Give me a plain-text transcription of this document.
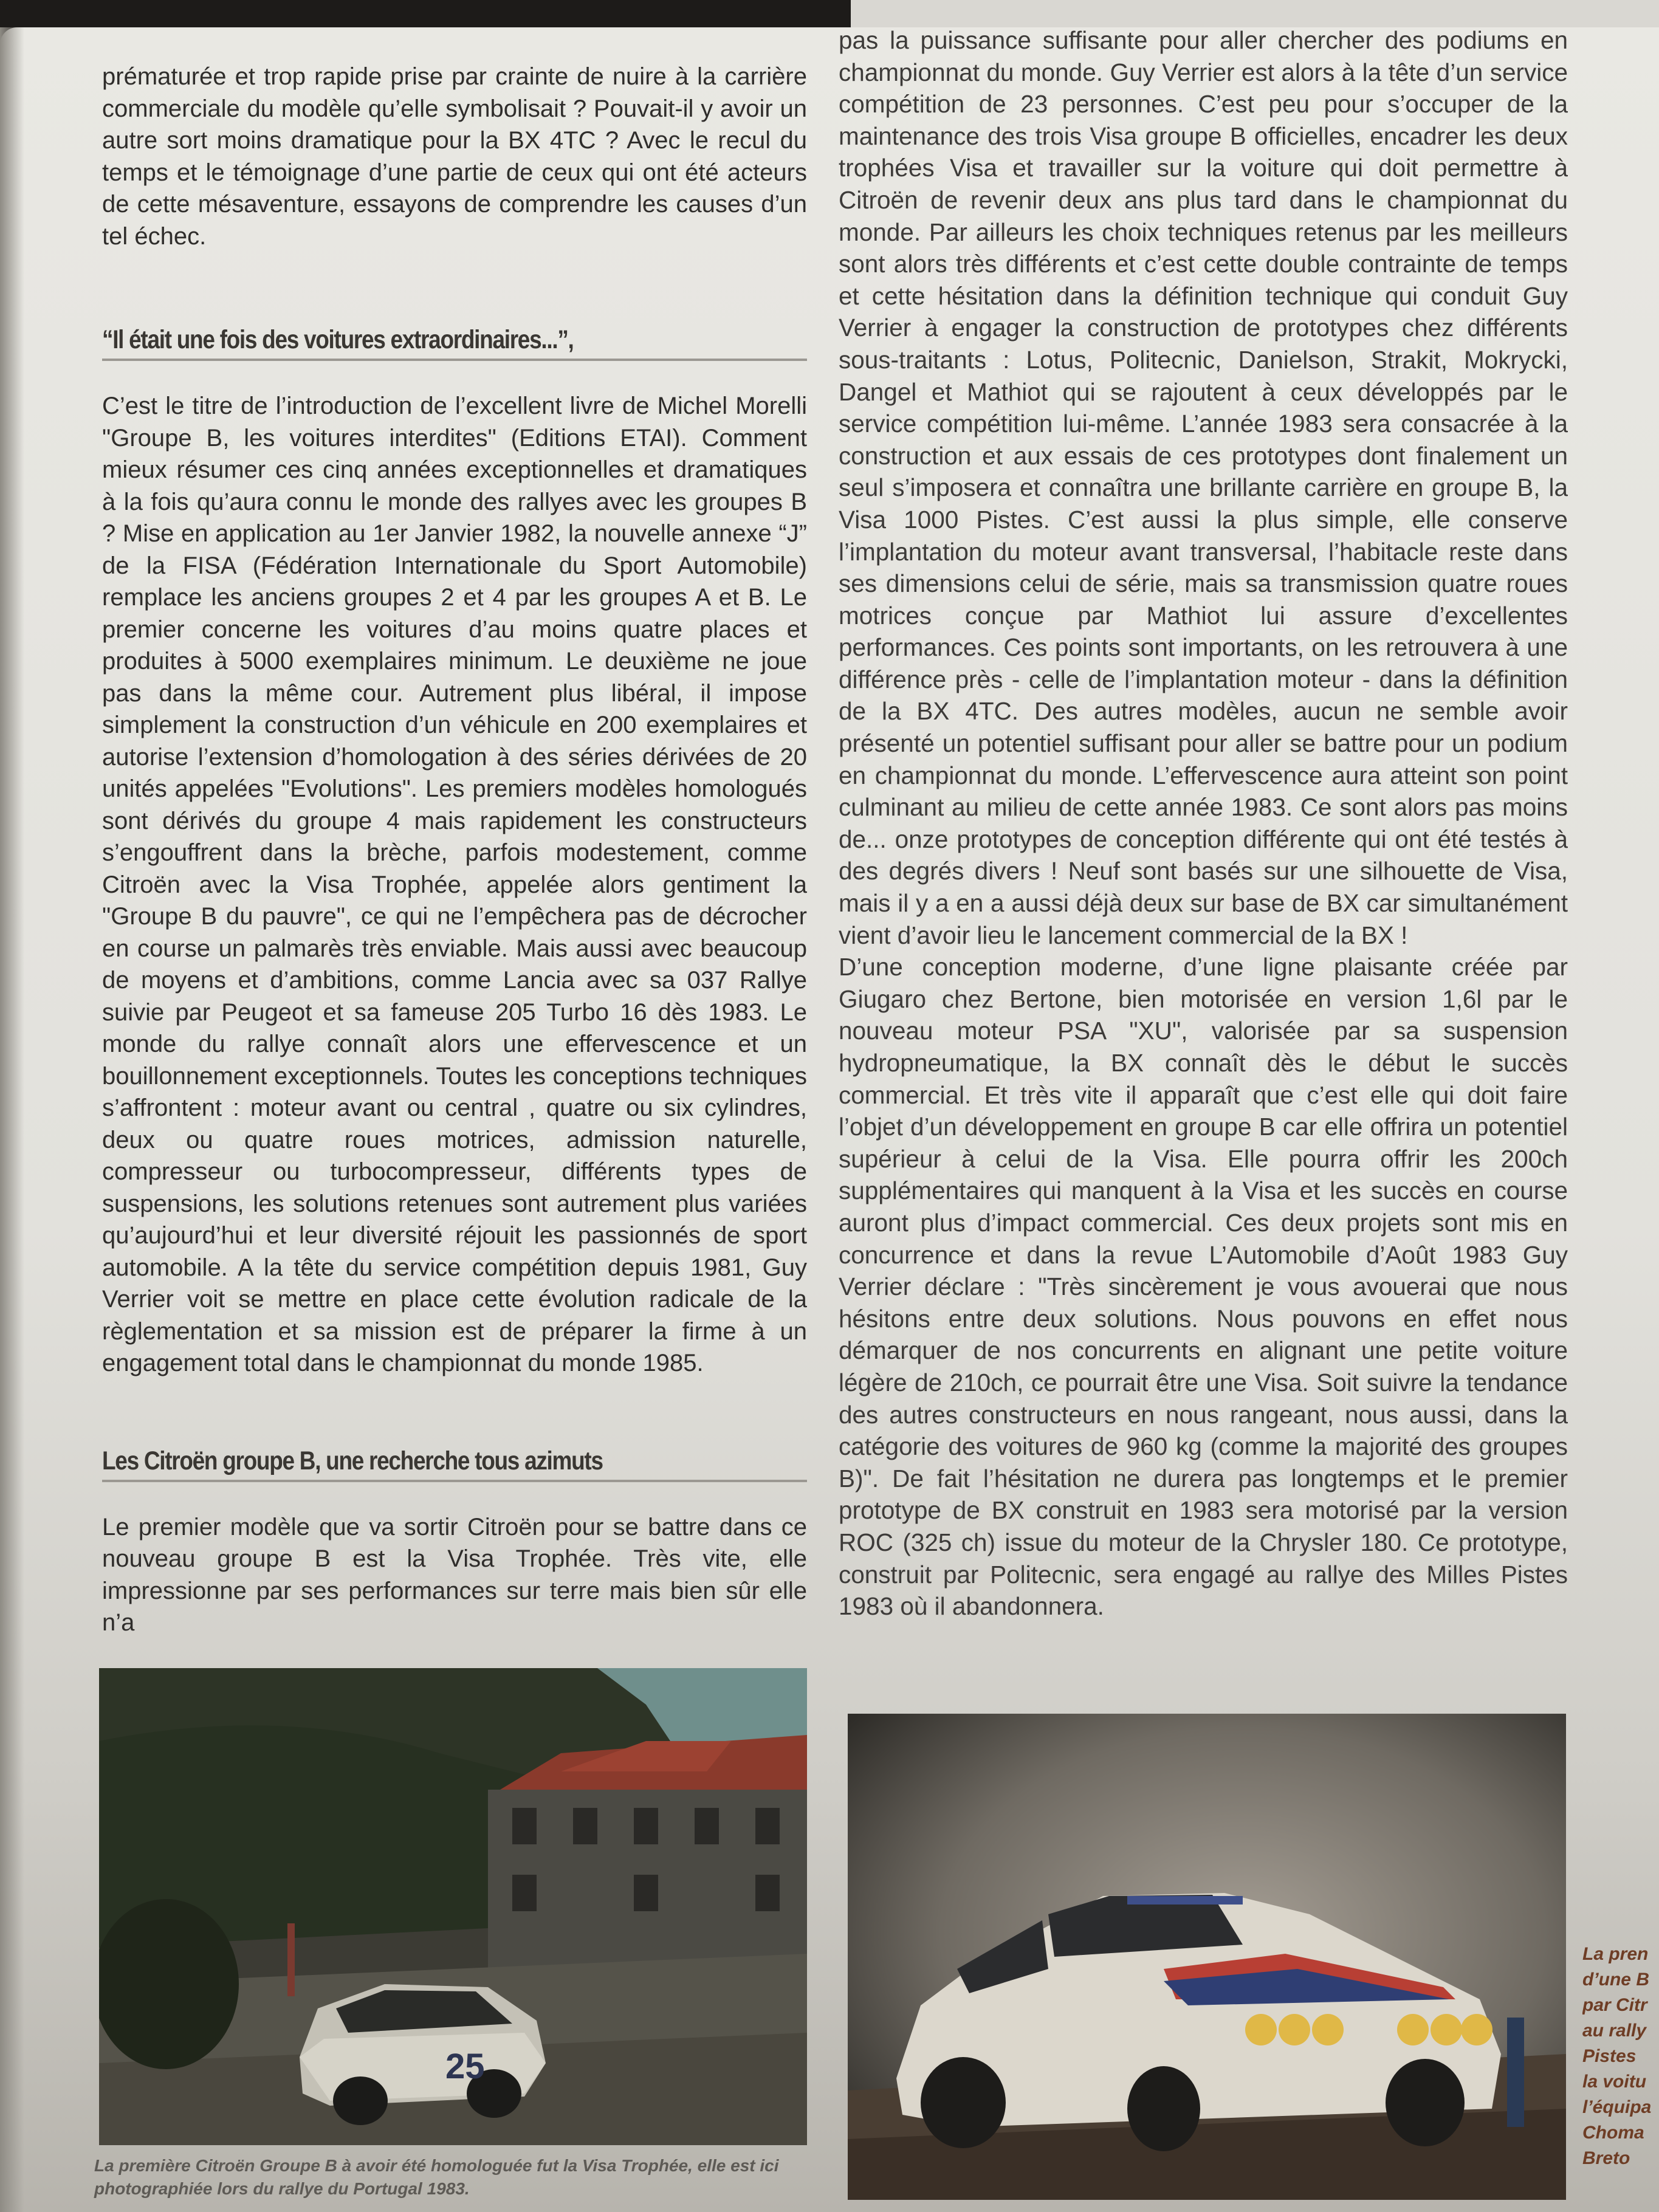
prématurée et trop rapide prise par crainte de nuire à la carrière commerciale du modèle qu’elle symbolisait ? Pouvait-il y avoir un autre sort moins dramatique pour la BX 4TC ? Avec le recul du temps et le témoignage d’une partie de ceux qui ont été acteurs de cette mésaventure, essayons de comprendre les causes d’un tel échec.

“Il était une fois des voitures extraordinaires...”,

C’est le titre de l’introduction de l’excellent livre de Michel Morelli "Groupe B, les voitures interdites" (Editions ETAI). Comment mieux résumer ces cinq années exceptionnelles et dramatiques à la fois qu’aura connu le monde des rallyes avec les groupes B ? Mise en application au 1er Janvier 1982, la nouvelle annexe “J” de la FISA (Fédération Internationale du Sport Automobile) remplace les anciens groupes 2 et 4 par les groupes A et B. Le premier concerne les voitures d’au moins quatre places et produites à 5000 exemplaires minimum. Le deuxième ne joue pas dans la même cour. Autrement plus libéral, il impose simplement la construction d’un véhicule en 200 exemplaires et autorise l’extension d’homologation à des séries dérivées de 20 unités appelées "Evolutions". Les premiers modèles homologués sont dérivés du groupe 4 mais rapidement les constructeurs s’engouffrent dans la brèche, parfois modestement, comme Citroën avec la Visa Trophée, appelée alors gentiment la "Groupe B du pauvre", ce qui ne l’empêchera pas de décrocher en course un palmarès très enviable. Mais aussi avec beaucoup de moyens et d’ambitions, comme Lancia avec sa 037 Rallye suivie par Peugeot et sa fameuse 205 Turbo 16 dès 1983. Le monde du rallye connaît alors une effervescence et un bouillonnement exceptionnels. Toutes les conceptions techniques s’affrontent : moteur avant ou central , quatre ou six cylindres, deux ou quatre roues motrices, admission naturelle, compresseur ou turbocompresseur, différents types de suspensions, les solutions retenues sont autrement plus variées qu’aujourd’hui et leur diversité réjouit les passionnés de sport automobile. A la tête du service compétition depuis 1981, Guy Verrier voit se mettre en place cette évolution radicale de la règlementation et sa mission est de préparer la firme à un engagement total dans le championnat du monde 1985.

Les Citroën groupe B, une recherche tous azimuts

Le premier modèle que va sortir Citroën pour se battre dans ce nouveau groupe B est la Visa Trophée. Très vite, elle impressionne par ses performances sur terre mais bien sûr elle n’a

pas la puissance suffisante pour aller chercher des podiums en championnat du monde. Guy Verrier est alors à la tête d’un service compétition de 23 personnes. C’est peu pour s’occuper de la maintenance des trois Visa groupe B officielles, encadrer les deux trophées Visa et travailler sur la voiture qui doit permettre à Citroën de revenir deux ans plus tard dans le championnat du monde. Par ailleurs les choix techniques retenus par les meilleurs sont alors très différents et c’est cette double contrainte de temps et cette hésitation dans la définition technique qui conduit Guy Verrier à engager la construction de prototypes chez différents sous-traitants : Lotus, Politecnic, Danielson, Strakit, Mokrycki, Dangel et Mathiot qui se rajoutent à ceux développés par le service compétition lui-même. L’année 1983 sera consacrée à la construction et aux essais de ces prototypes dont finalement un seul s’imposera et connaîtra une brillante carrière en groupe B, la Visa 1000 Pistes. C’est aussi la plus simple, elle conserve l’implantation du moteur avant transversal, l’habitacle reste dans ses dimensions celui de série, mais sa transmission quatre roues motrices conçue par Mathiot lui assure d’excellentes performances. Ces points sont importants, on les retrouvera à une différence près - celle de l’implantation moteur - dans la définition de la BX 4TC. Des autres modèles, aucun ne semble avoir présenté un potentiel suffisant pour aller se battre pour un podium en championnat du monde. L’effervescence aura atteint son point culminant au milieu de cette année 1983. Ce sont alors pas moins de... onze prototypes de conception différente qui ont été testés à des degrés divers ! Neuf sont basés sur une silhouette de Visa, mais il y a en a aussi déjà deux sur base de BX car simultanément vient d’avoir lieu le lancement commercial de la BX !

D’une conception moderne, d’une ligne plaisante créée par Giugaro chez Bertone, bien motorisée en version 1,6l par le nouveau moteur PSA "XU", valorisée par sa suspension hydropneumatique, la BX connaît dès le début le succès commercial. Et très vite il apparaît que c’est elle qui doit faire l’objet d’un développement en groupe B car elle offrira un potentiel supérieur à celui de la Visa. Elle pourra offrir les 200ch supplémentaires qui manquent à la Visa et les succès en course auront plus d’impact commercial. Ces deux projets sont mis en concurrence et dans la revue L’Automobile d’Août 1983 Guy Verrier déclare : "Très sincèrement je vous avouerai que nous hésitons entre deux solutions. Nous pouvons en effet nous démarquer de nos concurrents en alignant une petite voiture légère de 210ch, ce pourrait être une Visa. Soit suivre la tendance des autres constructeurs en nous rangeant, nous aussi, dans la catégorie des voitures de 960 kg (comme la majorité des groupes B)". De fait l’hésitation ne durera pas longtemps et le premier prototype de BX construit en 1983 sera motorisé par la version ROC (325 ch) issue du moteur de la Chrysler 180. Ce prototype, construit par Politecnic, sera engagé au rallye des Milles Pistes 1983 où il abandonnera.

25
La première Citroën Groupe B à avoir été homologuée fut la Visa Trophée, elle est ici photographiée lors du rallye du Portugal 1983.
La pren
d’une B
par Citr
au rally
Pistes
la voitu
l’équipa
Choma
Breto
